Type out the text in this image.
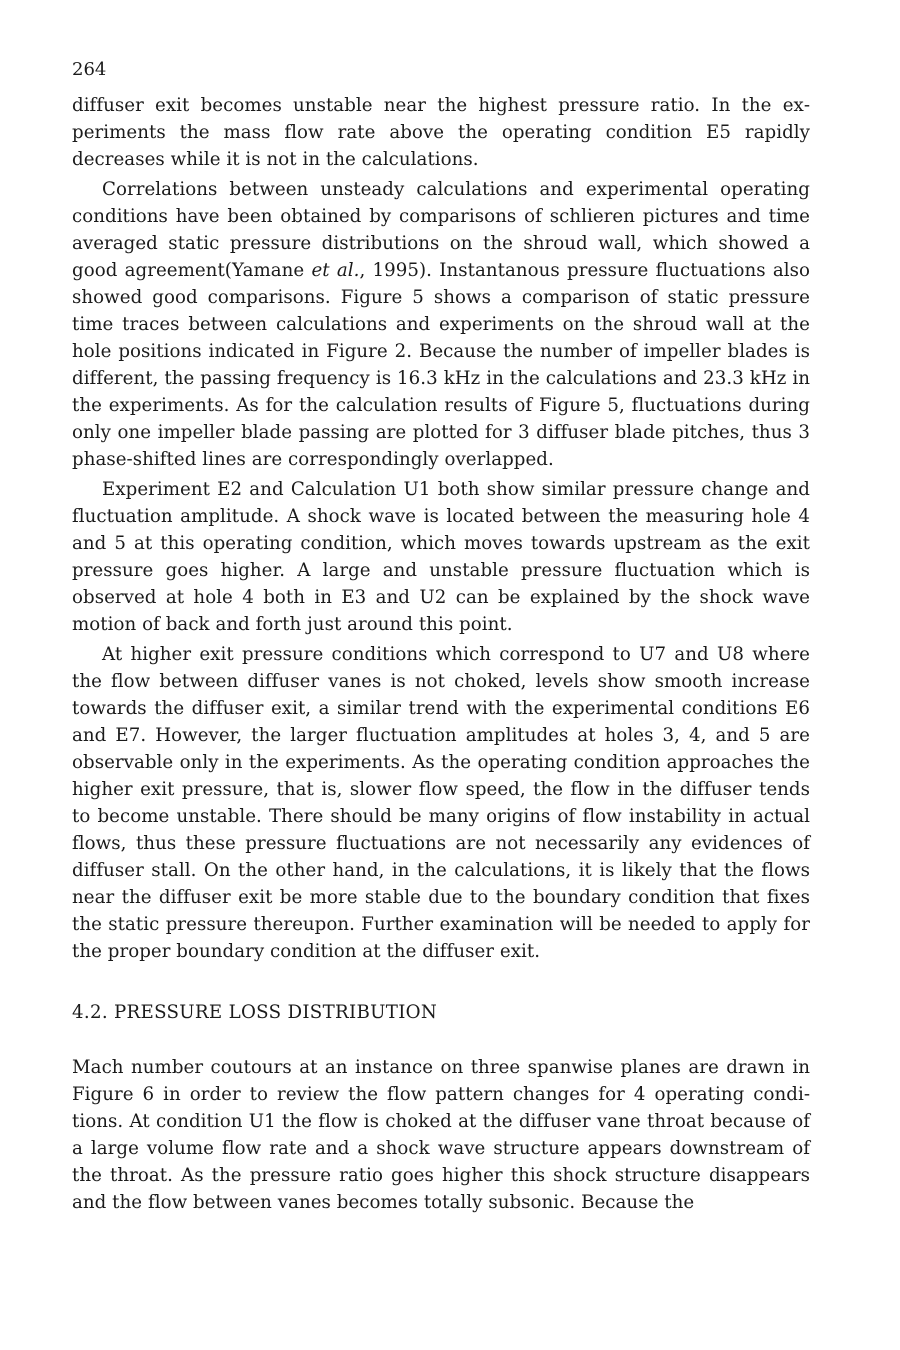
264

diffuser exit becomes unstable near the highest pressure ratio. In the experiments the mass flow rate above the operating condition E5 rapidly decreases while it is not in the calculations.

Correlations between unsteady calculations and experimental operating conditions have been obtained by comparisons of schlieren pictures and time averaged static pressure distributions on the shroud wall, which showed a good agreement(Yamane et al., 1995). Instantanous pressure fluctuations also showed good comparisons. Figure 5 shows a comparison of static pressure time traces between calculations and experiments on the shroud wall at the hole positions indicated in Figure 2. Because the number of impeller blades is different, the passing frequency is 16.3 kHz in the calculations and 23.3 kHz in the experiments. As for the calculation results of Figure 5, fluctuations during only one impeller blade passing are plotted for 3 diffuser blade pitches, thus 3 phase-shifted lines are correspondingly overlapped.

Experiment E2 and Calculation U1 both show similar pressure change and fluctuation amplitude. A shock wave is located between the measuring hole 4 and 5 at this operating condition, which moves towards upstream as the exit pressure goes higher. A large and unstable pressure fluctuation which is observed at hole 4 both in E3 and U2 can be explained by the shock wave motion of back and forth just around this point.

At higher exit pressure conditions which correspond to U7 and U8 where the flow between diffuser vanes is not choked, levels show smooth increase towards the diffuser exit, a similar trend with the experimental conditions E6 and E7. However, the larger fluctuation amplitudes at holes 3, 4, and 5 are observable only in the experiments. As the operating condition approaches the higher exit pressure, that is, slower flow speed, the flow in the diffuser tends to become unstable. There should be many origins of flow instability in actual flows, thus these pressure fluctuations are not necessarily any evidences of diffuser stall. On the other hand, in the calculations, it is likely that the flows near the diffuser exit be more stable due to the boundary condition that fixes the static pressure thereupon. Further examination will be needed to apply for the proper boundary condition at the diffuser exit.

4.2. PRESSURE LOSS DISTRIBUTION

Mach number coutours at an instance on three spanwise planes are drawn in Figure 6 in order to review the flow pattern changes for 4 operating conditions. At condition U1 the flow is choked at the diffuser vane throat because of a large volume flow rate and a shock wave structure appears downstream of the throat. As the pressure ratio goes higher this shock structure disappears and the flow between vanes becomes totally subsonic. Because the
